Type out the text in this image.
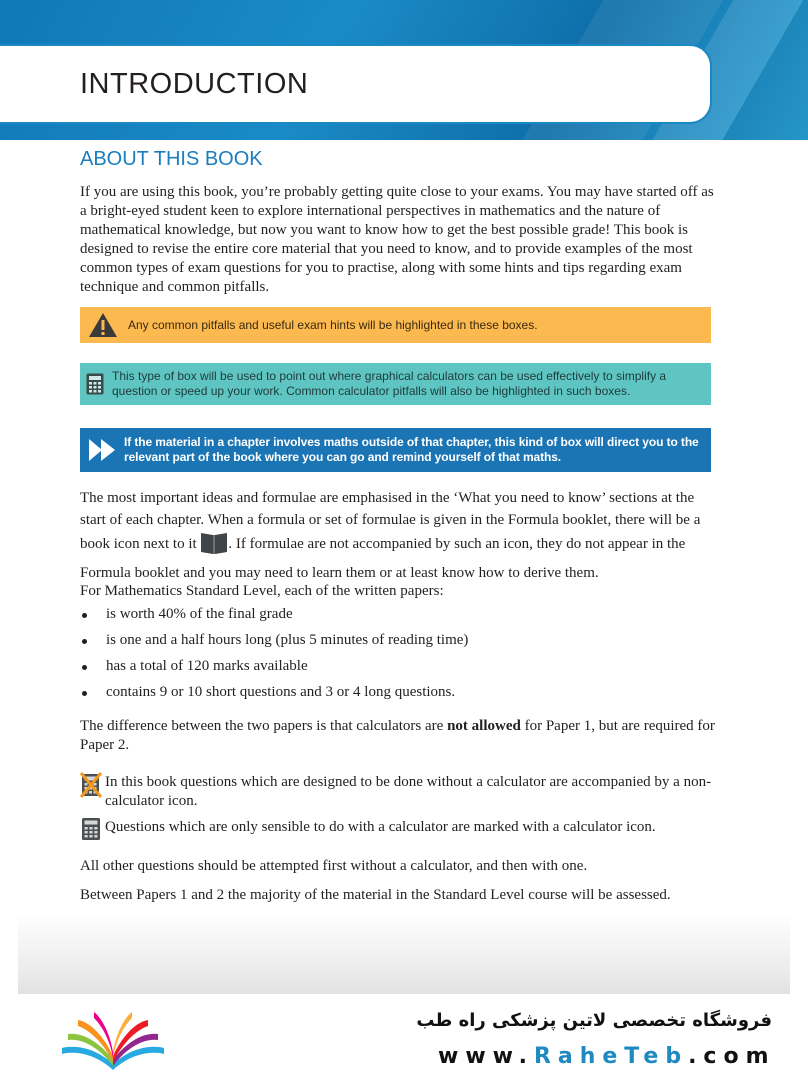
INTRODUCTION
ABOUT THIS BOOK

If you are using this book, you’re probably getting quite close to your exams. You may have started off as a bright-eyed student keen to explore international perspectives in mathematics and the nature of mathematical knowledge, but now you want to know how to get the best possible grade! This book is designed to revise the entire core material that you need to know, and to provide examples of the most common types of exam questions for you to practise, along with some hints and tips regarding exam technique and common pitfalls.

Any common pitfalls and useful exam hints will be highlighted in these boxes.
This type of box will be used to point out where graphical calculators can be used effectively to simplify a question or speed up your work. Common calculator pitfalls will also be highlighted in such boxes.
If the material in a chapter involves maths outside of that chapter, this kind of box will direct you to the relevant part of the book where you can go and remind yourself of that maths.

The most important ideas and formulae are emphasised in the ‘What you need to know’ sections at the start of each chapter. When a formula or set of formulae is given in the Formula booklet, there will be a book icon next to it . If formulae are not accompanied by such an icon, they do not appear in the Formula booklet and you may need to learn them or at least know how to derive them.

For Mathematics Standard Level, each of the written papers:

is worth 40% of the final grade
is one and a half hours long (plus 5 minutes of reading time)
has a total of 120 marks available
contains 9 or 10 short questions and 3 or 4 long questions.

The difference between the two papers is that calculators are not allowed for Paper 1, but are required for Paper 2.

In this book questions which are designed to be done without a calculator are accompanied by a non-calculator icon.
Questions which are only sensible to do with a calculator are marked with a calculator icon.

All other questions should be attempted first without a calculator, and then with one.

Between Papers 1 and 2 the majority of the material in the Standard Level course will be assessed.

فروشگاه تخصصی لاتین پزشکی راه طب

www.RaheTeb.com
